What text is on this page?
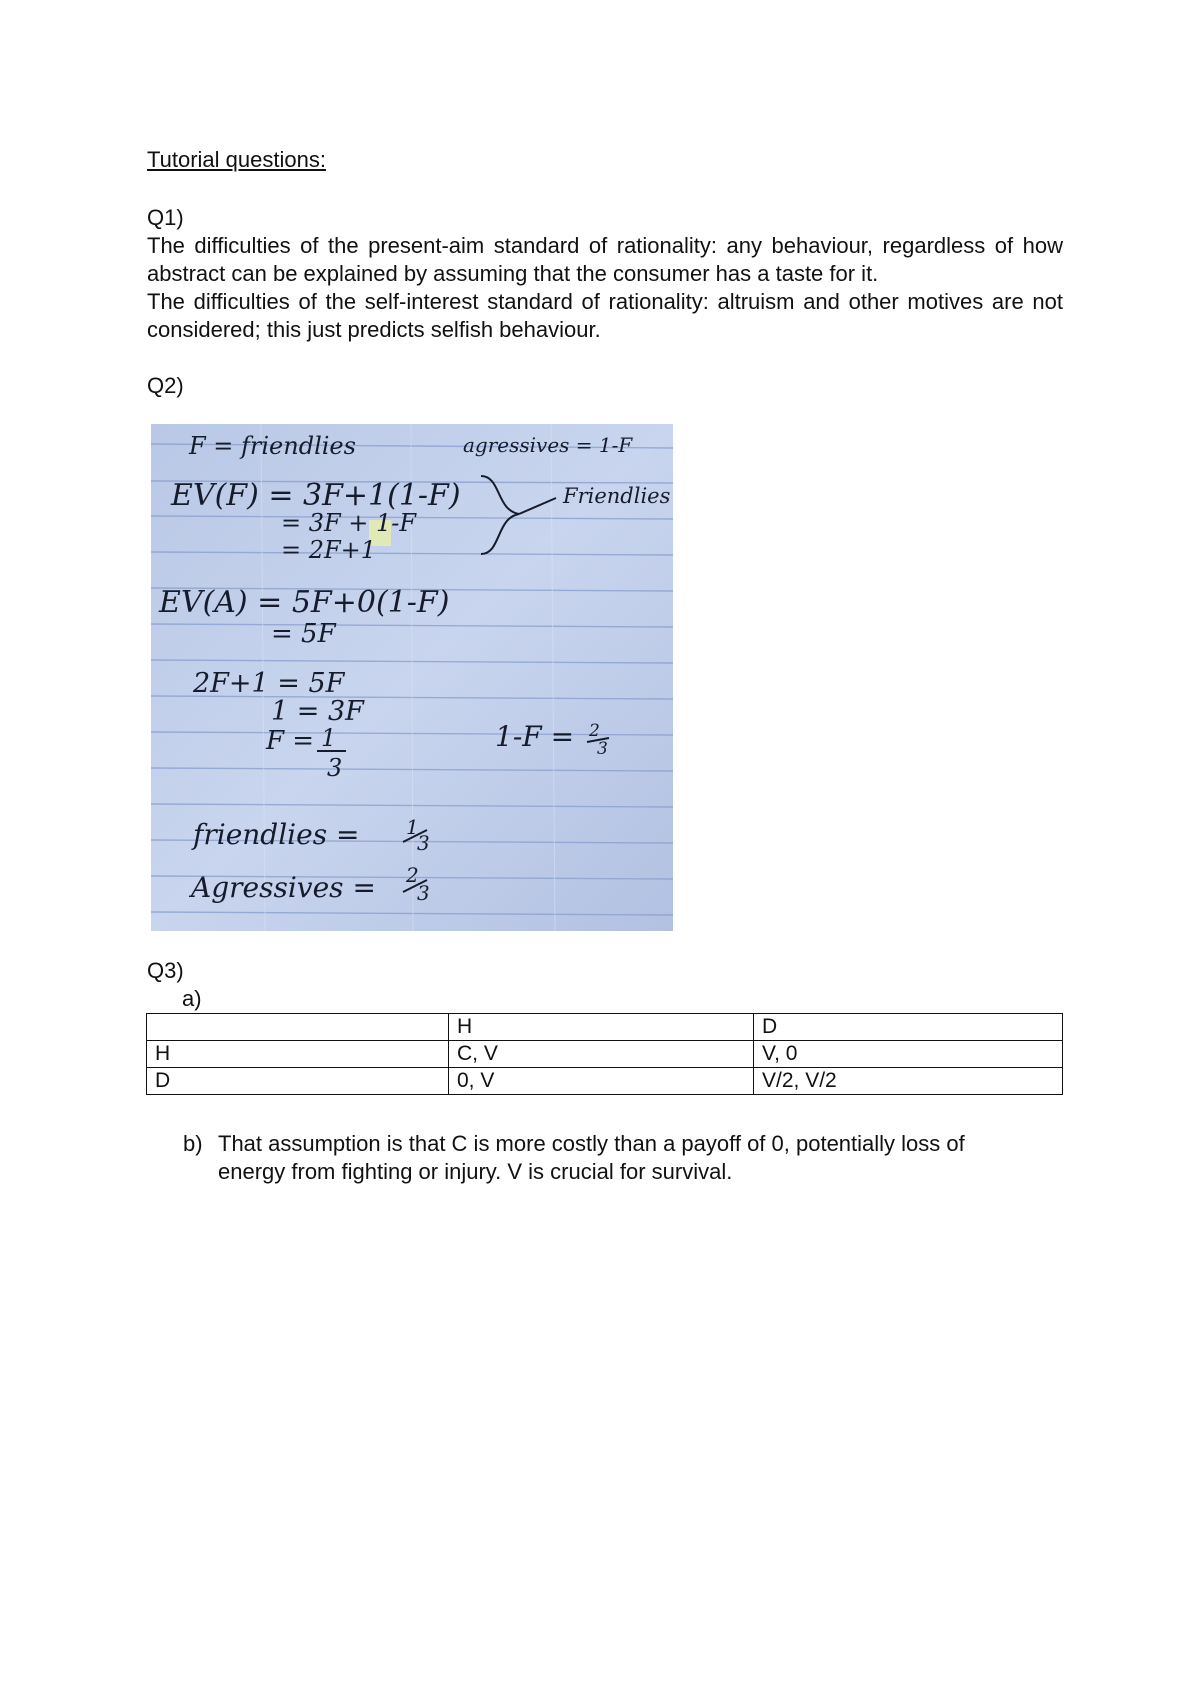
Tutorial questions:
Q1)

The difficulties of the present-aim standard of rationality: any behaviour, regardless of how abstract can be explained by assuming that the consumer has a taste for it.

The difficulties of the self-interest standard of rationality: altruism and other motives are not considered; this just predicts selfish behaviour.

Q2)
F = friendlies	agressives = 1-F
EV(F) = 3F+1(1-F)
= 3F + 1-F
= 2F+1
Friendlies
EV(A) = 5F+0(1-F)
= 5F
2F+1 = 5F
1 = 3F
F = 1
3
1-F = 2
3
friendlies = 1
3
Agressives = 2
3
Q3)
a)
	H	D
H	C, V	V, 0
D	0, V	V/2, V/2
b) That assumption is that C is more costly than a payoff of 0, potentially loss of
energy from fighting or injury. V is crucial for survival.
